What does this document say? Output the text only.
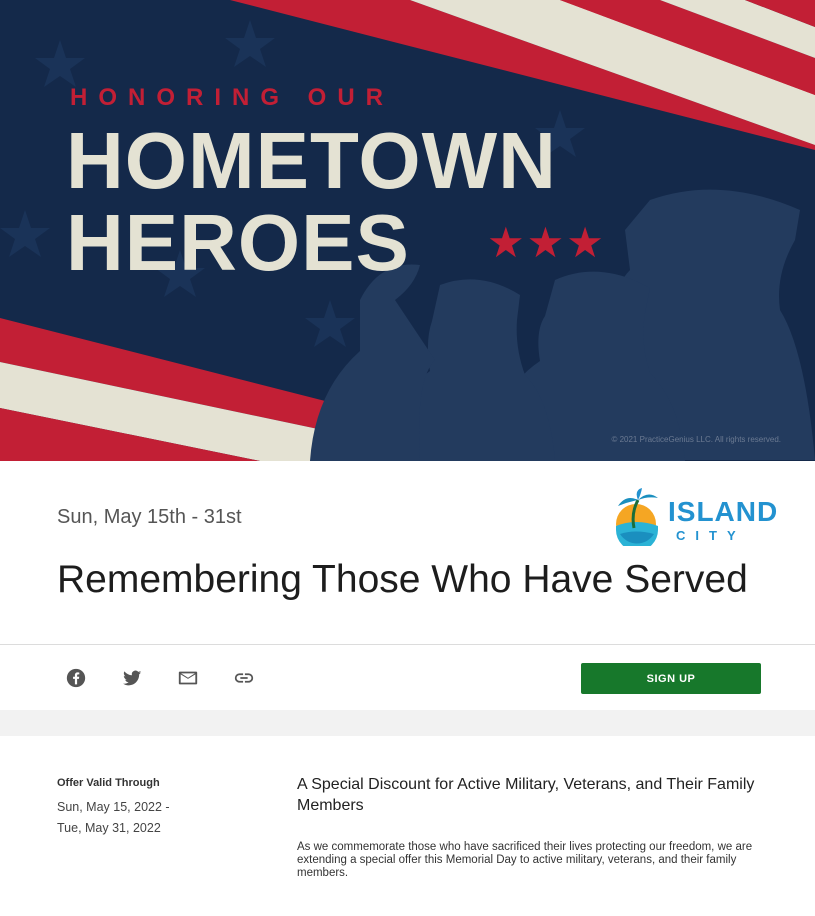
HONORING OUR
HOMETOWN
HEROES	★★★
© 2021 PracticeGenius LLC. All rights reserved.
Sun, May 15th - 31st	ISLAND
CITY
Remembering Those Who Have Served
SIGN UP
Offer Valid Through
Sun, May 15, 2022 -
Tue, May 31, 2022
A Special Discount for Active Military, Veterans, and Their Family Members

As we commemorate those who have sacrificed their lives protecting our freedom, we are extending a special offer this Memorial Day to active military, veterans, and their family members.
